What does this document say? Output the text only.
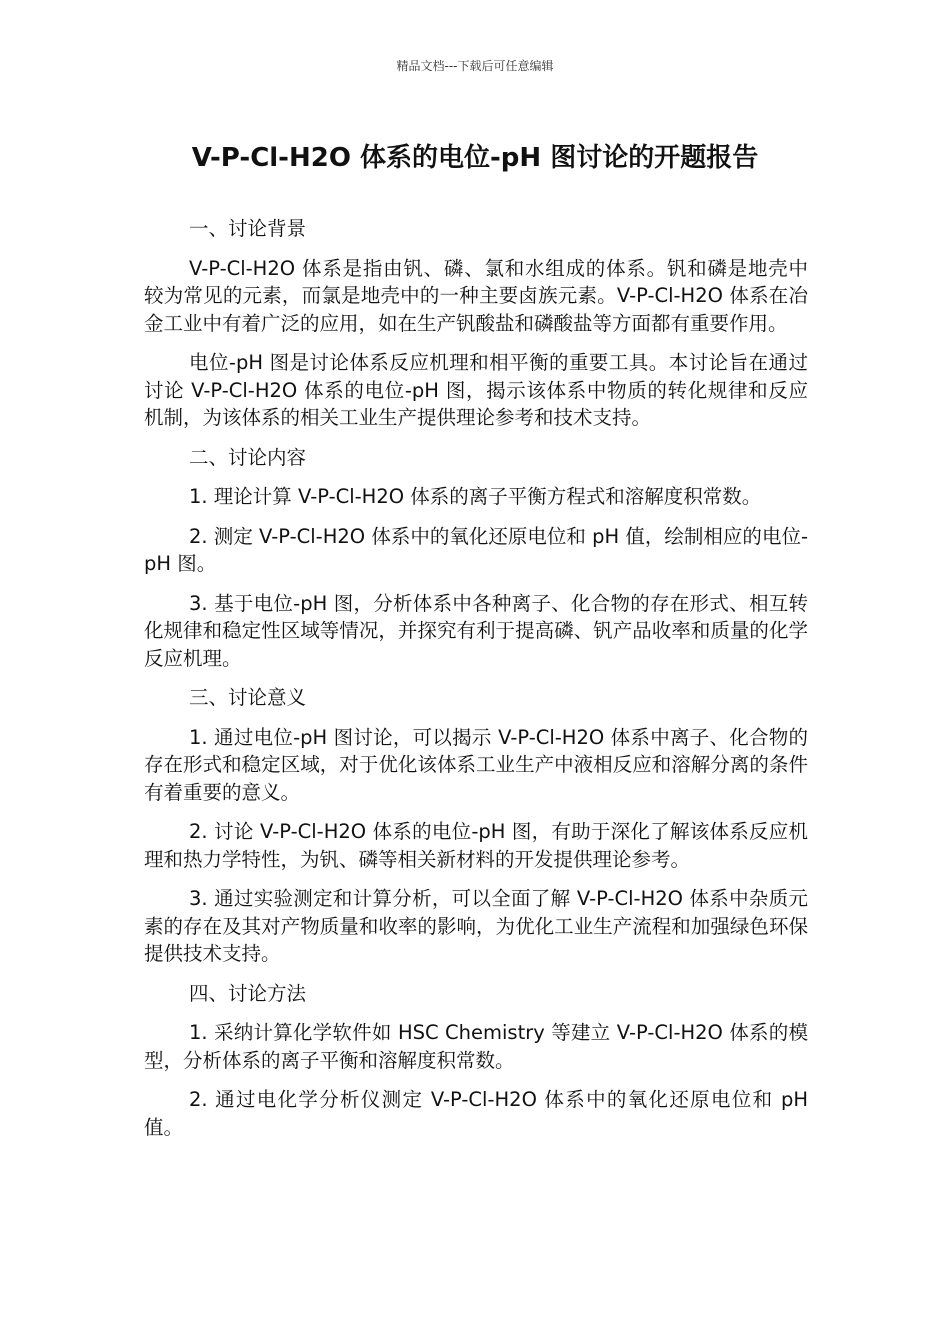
精品文档---下载后可任意编辑
V-P-Cl-H2O 体系的电位-pH 图讨论的开题报告

一、讨论背景

V-P-Cl-H2O 体系是指由钒、磷、氯和水组成的体系。钒和磷是地壳中较为常见的元素，而氯是地壳中的一种主要卤族元素。V-P-Cl-H2O 体系在冶金工业中有着广泛的应用，如在生产钒酸盐和磷酸盐等方面都有重要作用。

电位-pH 图是讨论体系反应机理和相平衡的重要工具。本讨论旨在通过讨论 V-P-Cl-H2O 体系的电位-pH 图，揭示该体系中物质的转化规律和反应机制，为该体系的相关工业生产提供理论参考和技术支持。

二、讨论内容

1. 理论计算 V-P-Cl-H2O 体系的离子平衡方程式和溶解度积常数。

2. 测定 V-P-Cl-H2O 体系中的氧化还原电位和 pH 值，绘制相应的电位-pH 图。

3. 基于电位-pH 图，分析体系中各种离子、化合物的存在形式、相互转化规律和稳定性区域等情况，并探究有利于提高磷、钒产品收率和质量的化学反应机理。

三、讨论意义

1. 通过电位-pH 图讨论，可以揭示 V-P-Cl-H2O 体系中离子、化合物的存在形式和稳定区域，对于优化该体系工业生产中液相反应和溶解分离的条件有着重要的意义。

2. 讨论 V-P-Cl-H2O 体系的电位-pH 图，有助于深化了解该体系反应机理和热力学特性，为钒、磷等相关新材料的开发提供理论参考。

3. 通过实验测定和计算分析，可以全面了解 V-P-Cl-H2O 体系中杂质元素的存在及其对产物质量和收率的影响，为优化工业生产流程和加强绿色环保提供技术支持。

四、讨论方法

1. 采纳计算化学软件如 HSC Chemistry 等建立 V-P-Cl-H2O 体系的模型，分析体系的离子平衡和溶解度积常数。

2. 通过电化学分析仪测定 V-P-Cl-H2O 体系中的氧化还原电位和 pH 值。
